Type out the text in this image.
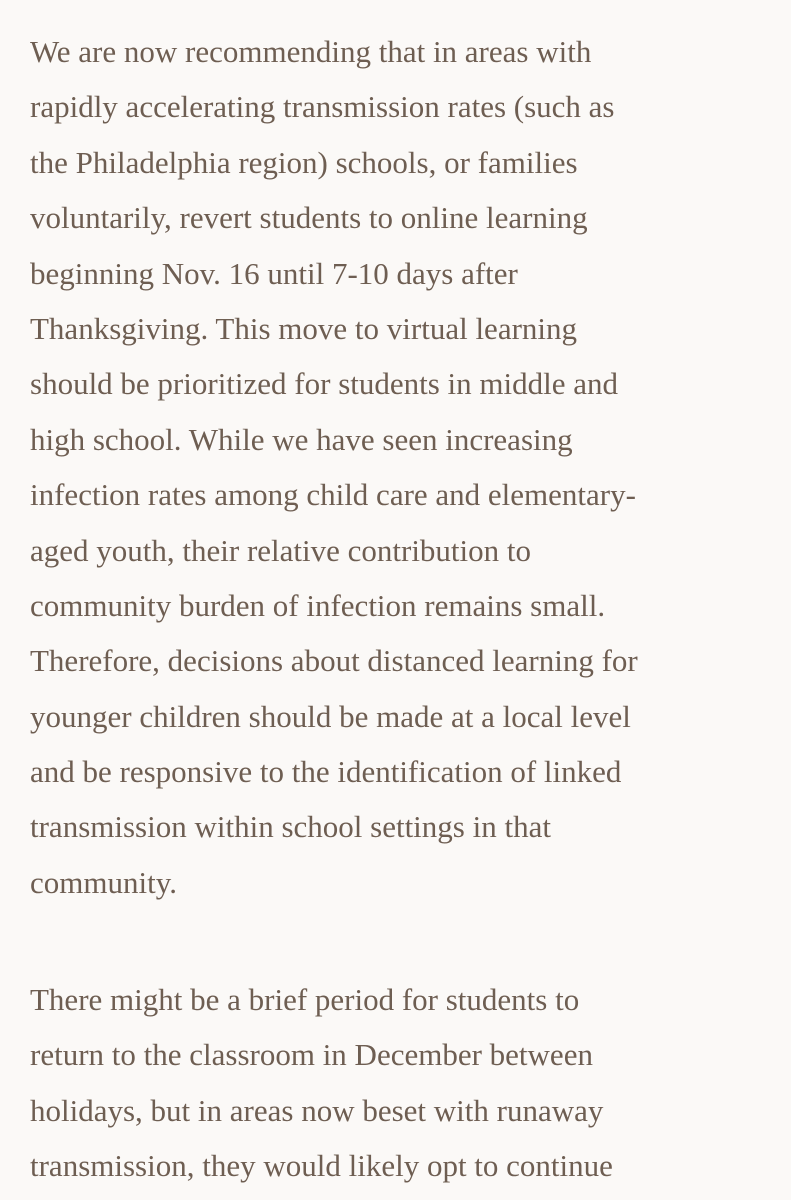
We are now recommending that in areas with
rapidly accelerating transmission rates (such as
the Philadelphia region) schools, or families
voluntarily, revert students to online learning
beginning Nov. 16 until 7-10 days after
Thanksgiving. This move to virtual learning
should be prioritized for students in middle and
high school. While we have seen increasing
infection rates among child care and elementary-
aged youth, their relative contribution to
community burden of infection remains small.
Therefore, decisions about distanced learning for
younger children should be made at a local level
and be responsive to the identification of linked
transmission within school settings in that
community.

There might be a brief period for students to
return to the classroom in December between
holidays, but in areas now beset with runaway
transmission, they would likely opt to continue
